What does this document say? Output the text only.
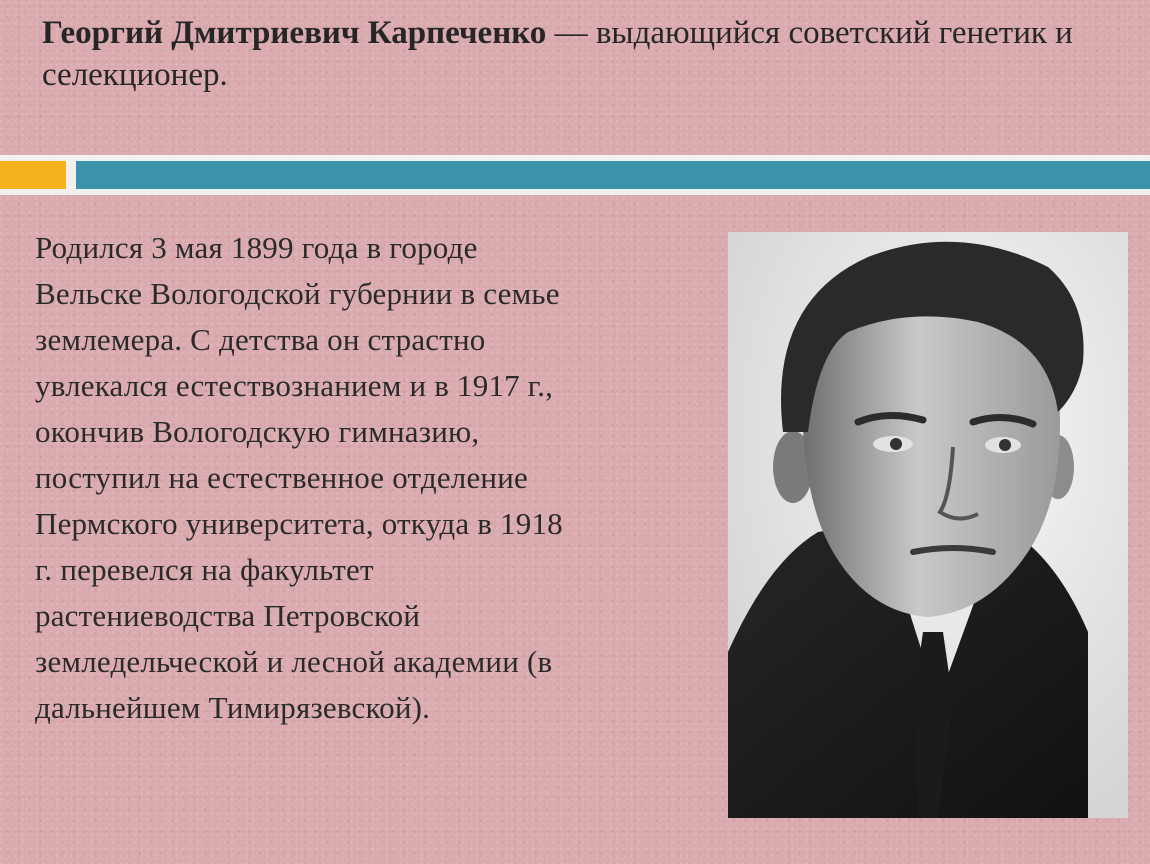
Георгий Дмитриевич Карпеченко — выдающийся советский генетик и селекционер.
Родился 3 мая 1899 года в городе
Вельске Вологодской губернии в семье
землемера. С детства он страстно
увлекался естествознанием и в 1917 г.,
окончив Вологодскую гимназию,
поступил на естественное отделение
Пермского университета, откуда в 1918
г. перевелся на факультет
растениеводства Петровской
земледельческой и лесной академии (в
дальнейшем Тимирязевской).
